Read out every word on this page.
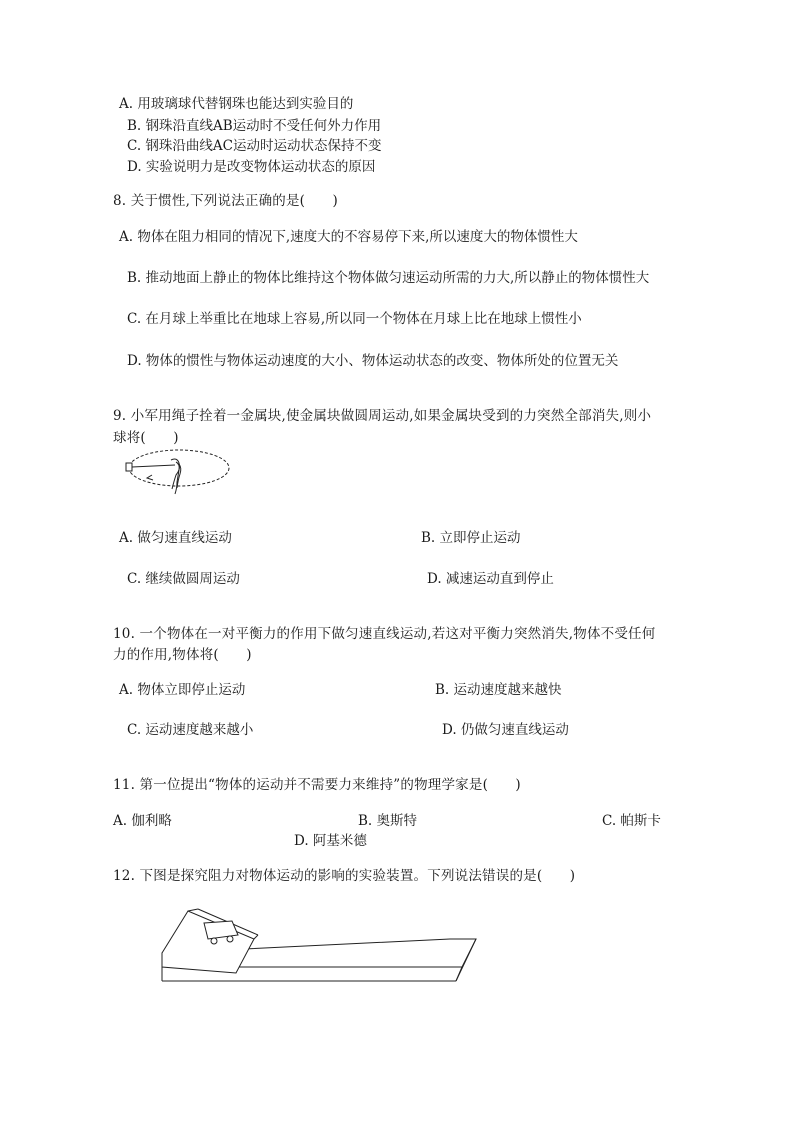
A. 用玻璃球代替钢珠也能达到实验目的
B. 钢珠沿直线AB运动时不受任何外力作用
C. 钢珠沿曲线AC运动时运动状态保持不变
D. 实验说明力是改变物体运动状态的原因
8. 关于惯性,下列说法正确的是(　　)
A. 物体在阻力相同的情况下,速度大的不容易停下来,所以速度大的物体惯性大
B. 推动地面上静止的物体比维持这个物体做匀速运动所需的力大,所以静止的物体惯性大
C. 在月球上举重比在地球上容易,所以同一个物体在月球上比在地球上惯性小
D. 物体的惯性与物体运动速度的大小、物体运动状态的改变、物体所处的位置无关
9. 小军用绳子拴着一金属块,使金属块做圆周运动,如果金属块受到的力突然全部消失,则小
球将(　　)
A. 做匀速直线运动	B. 立即停止运动
C. 继续做圆周运动	D. 减速运动直到停止
10. 一个物体在一对平衡力的作用下做匀速直线运动,若这对平衡力突然消失,物体不受任何
力的作用,物体将(　　)
A. 物体立即停止运动	B. 运动速度越来越快
C. 运动速度越来越小	D. 仍做匀速直线运动
11. 第一位提出“物体的运动并不需要力来维持”的物理学家是(　　)
A. 伽利略	B. 奥斯特	C. 帕斯卡
D. 阿基米德
12. 下图是探究阻力对物体运动的影响的实验装置。下列说法错误的是(　　)
